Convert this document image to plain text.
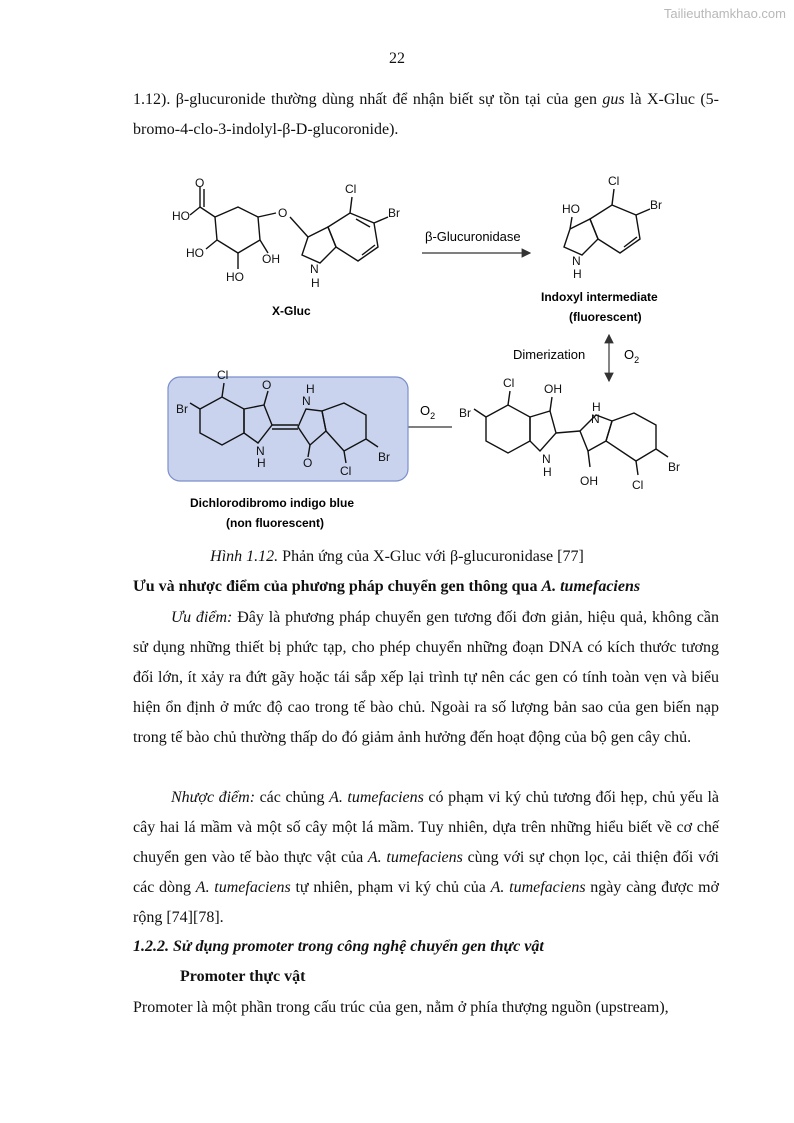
Tailieuthamkhao.com
22

1.12). β-glucuronide thường dùng nhất để nhận biết sự tồn tại của gen gus là X-Gluc (5-bromo-4-clo-3-indolyl-β-D-glucoronide).

O
HO
HO	OH
HO
O
Cl
Br
N
H
X-Gluc
β-Glucuronidase
HO
Cl
Br
N
H
Indoxyl intermediate
(fluorescent)
Dimerization	$O_2$
Cl
Br
OH
N
H
H
N
OH	Cl
Br
$O_2$
Cl
Br
O
N
H
H
N
O
Cl
Br
Dichlorodibromo indigo blue
(non fluorescent)
Hình 1.12. Phản ứng của X-Gluc với β-glucuronidase [77]

Ưu và nhược điểm của phương pháp chuyển gen thông qua A. tumefaciens

Ưu điểm: Đây là phương pháp chuyển gen tương đối đơn giản, hiệu quả, không cần sử dụng những thiết bị phức tạp, cho phép chuyển những đoạn DNA có kích thước tương đối lớn, ít xảy ra đứt gãy hoặc tái sắp xếp lại trình tự nên các gen có tính toàn vẹn và biểu hiện ổn định ở mức độ cao trong tế bào chủ. Ngoài ra số lượng bản sao của gen biến nạp trong tế bào chủ thường thấp do đó giảm ảnh hưởng đến hoạt động của bộ gen cây chủ.

Nhược điểm: các chủng A. tumefaciens có phạm vi ký chủ tương đối hẹp, chủ yếu là cây hai lá mầm và một số cây một lá mầm. Tuy nhiên, dựa trên những hiểu biết về cơ chế chuyển gen vào tế bào thực vật của A. tumefaciens cùng với sự chọn lọc, cải thiện đối với các dòng A. tumefaciens tự nhiên, phạm vi ký chủ của A. tumefaciens ngày càng được mở rộng [74][78].

1.2.2. Sử dụng promoter trong công nghệ chuyển gen thực vật

Promoter thực vật

Promoter là một phần trong cấu trúc của gen, nằm ở phía thượng nguồn (upstream),
